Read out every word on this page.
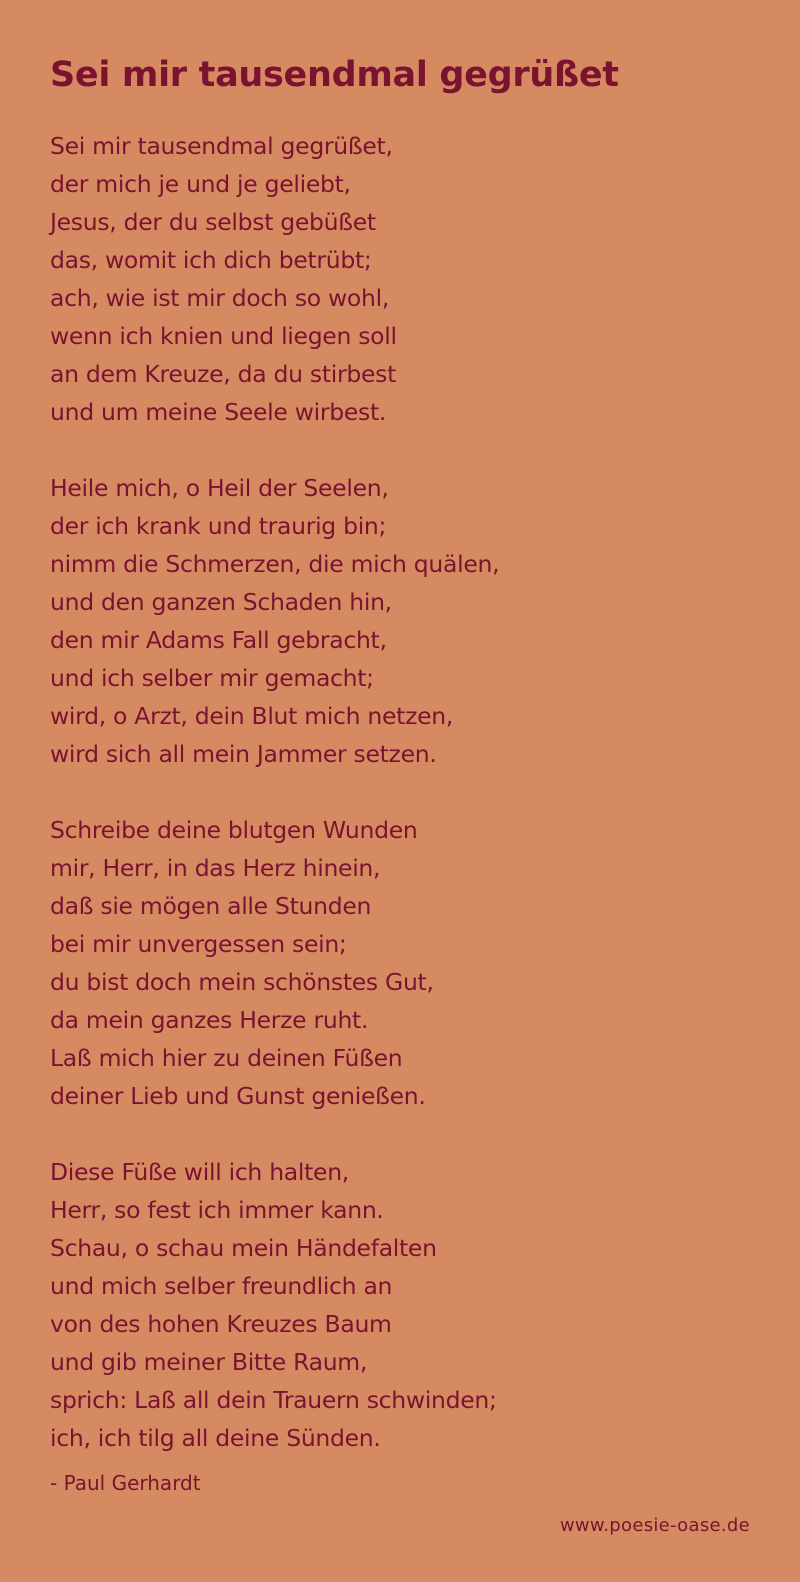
Sei mir tausendmal gegrüßet
Sei mir tausendmal gegrüßet,
der mich je und je geliebt,
Jesus, der du selbst gebüßet
das, womit ich dich betrübt;
ach, wie ist mir doch so wohl,
wenn ich knien und liegen soll
an dem Kreuze, da du stirbest
und um meine Seele wirbest.
Heile mich, o Heil der Seelen,
der ich krank und traurig bin;
nimm die Schmerzen, die mich quälen,
und den ganzen Schaden hin,
den mir Adams Fall gebracht,
und ich selber mir gemacht;
wird, o Arzt, dein Blut mich netzen,
wird sich all mein Jammer setzen.
Schreibe deine blutgen Wunden
mir, Herr, in das Herz hinein,
daß sie mögen alle Stunden
bei mir unvergessen sein;
du bist doch mein schönstes Gut,
da mein ganzes Herze ruht.
Laß mich hier zu deinen Füßen
deiner Lieb und Gunst genießen.
Diese Füße will ich halten,
Herr, so fest ich immer kann.
Schau, o schau mein Händefalten
und mich selber freundlich an
von des hohen Kreuzes Baum
und gib meiner Bitte Raum,
sprich: Laß all dein Trauern schwinden;
ich, ich tilg all deine Sünden.
- Paul Gerhardt
www.poesie-oase.de
